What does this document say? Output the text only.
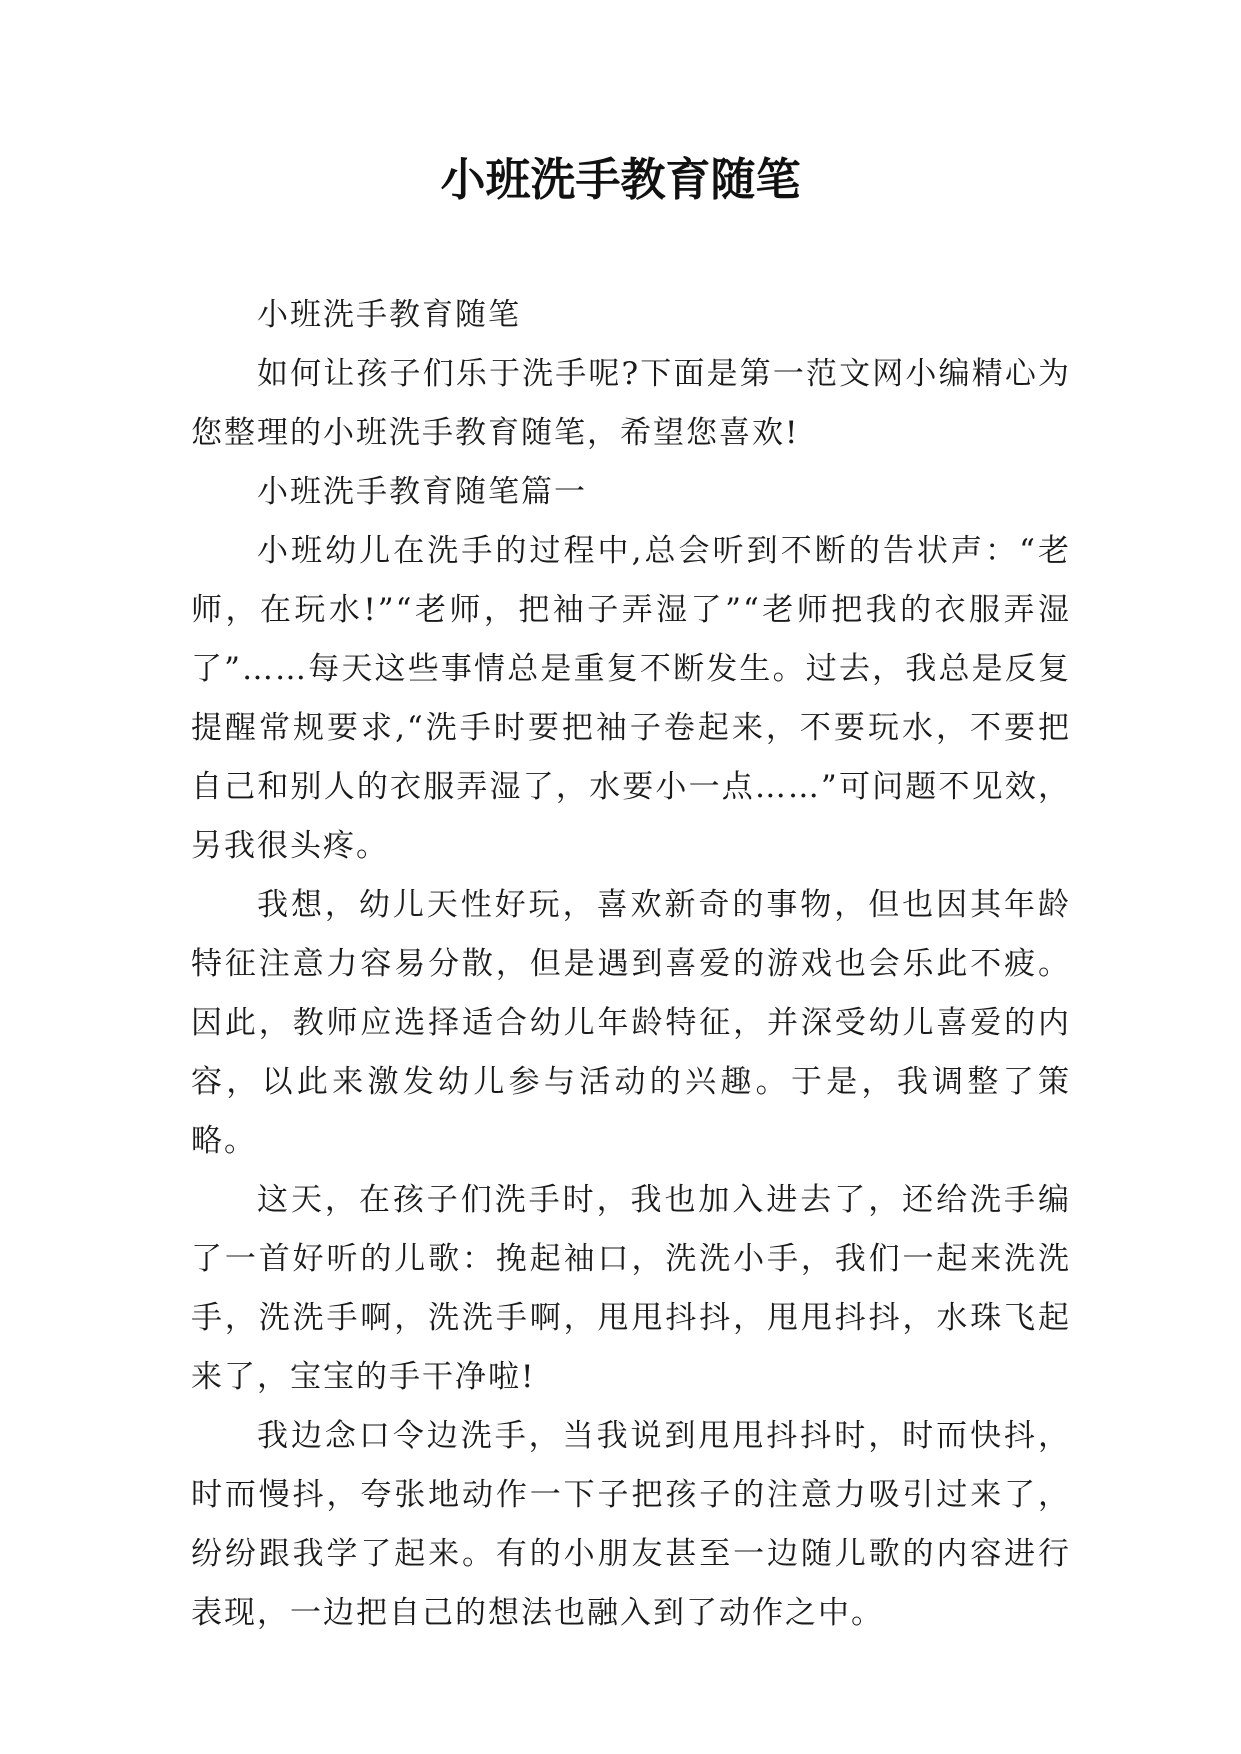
小班洗手教育随笔

小班洗手教育随笔

如何让孩子们乐于洗手呢?下面是第一范文网小编精心为您整理的小班洗手教育随笔，希望您喜欢!

小班洗手教育随笔篇一

小班幼儿在洗手的过程中,总会听到不断的告状声：“老师，在玩水!”“老师，把袖子弄湿了”“老师把我的衣服弄湿了”……每天这些事情总是重复不断发生。过去，我总是反复提醒常规要求,“洗手时要把袖子卷起来，不要玩水，不要把自己和别人的衣服弄湿了，水要小一点……”可问题不见效，另我很头疼。

我想，幼儿天性好玩，喜欢新奇的事物，但也因其年龄特征注意力容易分散，但是遇到喜爱的游戏也会乐此不疲。因此，教师应选择适合幼儿年龄特征，并深受幼儿喜爱的内容，以此来激发幼儿参与活动的兴趣。于是，我调整了策略。

这天，在孩子们洗手时，我也加入进去了，还给洗手编了一首好听的儿歌：挽起袖口，洗洗小手，我们一起来洗洗手，洗洗手啊，洗洗手啊，甩甩抖抖，甩甩抖抖，水珠飞起来了，宝宝的手干净啦!

我边念口令边洗手，当我说到甩甩抖抖时，时而快抖，时而慢抖，夸张地动作一下子把孩子的注意力吸引过来了，纷纷跟我学了起来。有的小朋友甚至一边随儿歌的内容进行表现，一边把自己的想法也融入到了动作之中。
